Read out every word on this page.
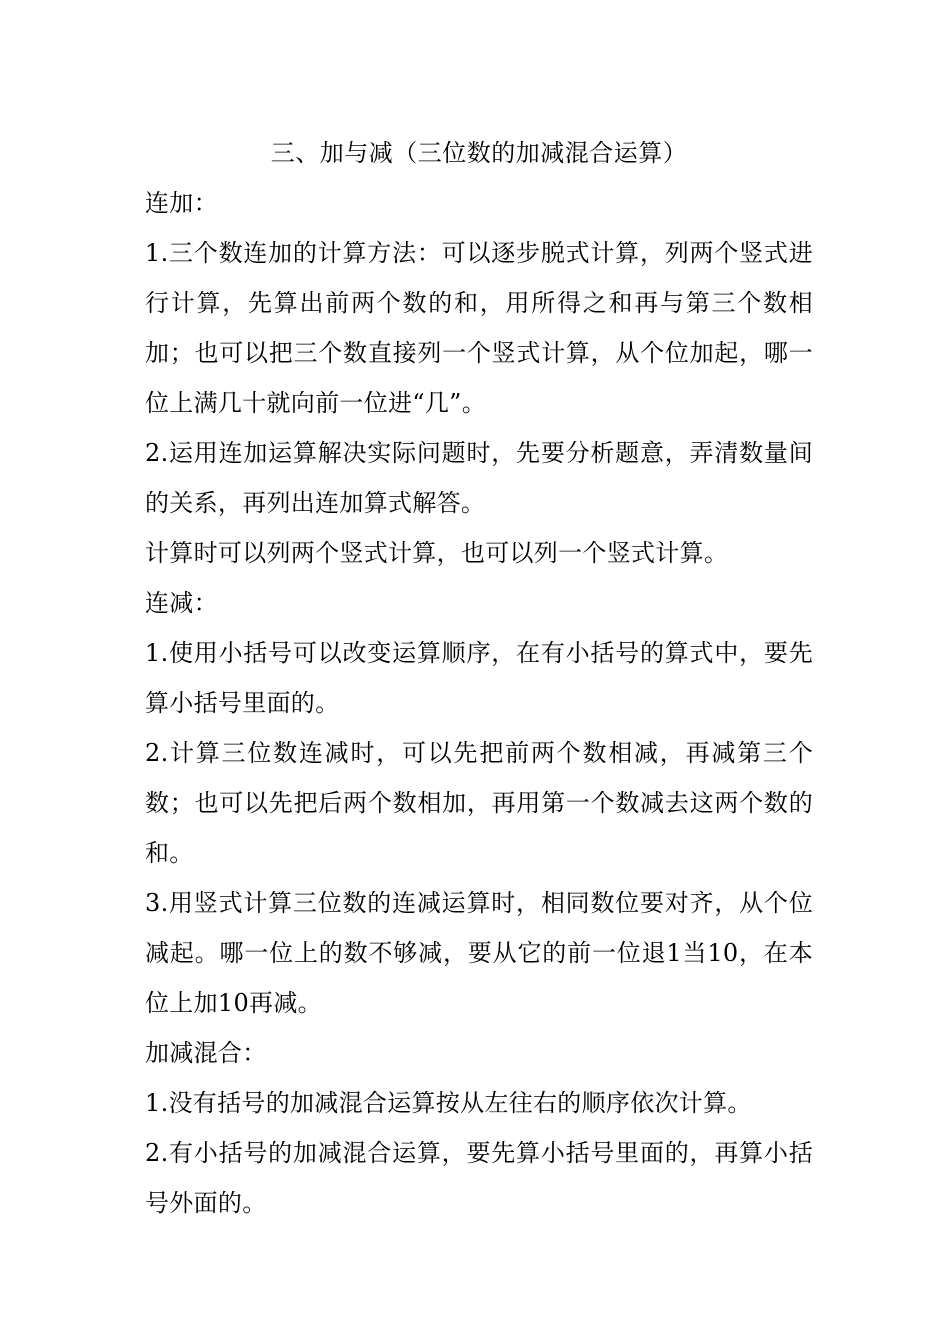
三、加与减（三位数的加减混合运算）

连加：

1.三个数连加的计算方法：可以逐步脱式计算，列两个竖式进行计算，先算出前两个数的和，用所得之和再与第三个数相加；也可以把三个数直接列一个竖式计算，从个位加起，哪一位上满几十就向前一位进“几”。

2.运用连加运算解决实际问题时，先要分析题意，弄清数量间的关系，再列出连加算式解答。

计算时可以列两个竖式计算，也可以列一个竖式计算。

连减：

1.使用小括号可以改变运算顺序，在有小括号的算式中，要先算小括号里面的。

2.计算三位数连减时，可以先把前两个数相减，再减第三个数；也可以先把后两个数相加，再用第一个数减去这两个数的和。

3.用竖式计算三位数的连减运算时，相同数位要对齐，从个位减起。哪一位上的数不够减，要从它的前一位退1当10，在本位上加10再减。

加减混合：

1.没有括号的加减混合运算按从左往右的顺序依次计算。

2.有小括号的加减混合运算，要先算小括号里面的，再算小括号外面的。
